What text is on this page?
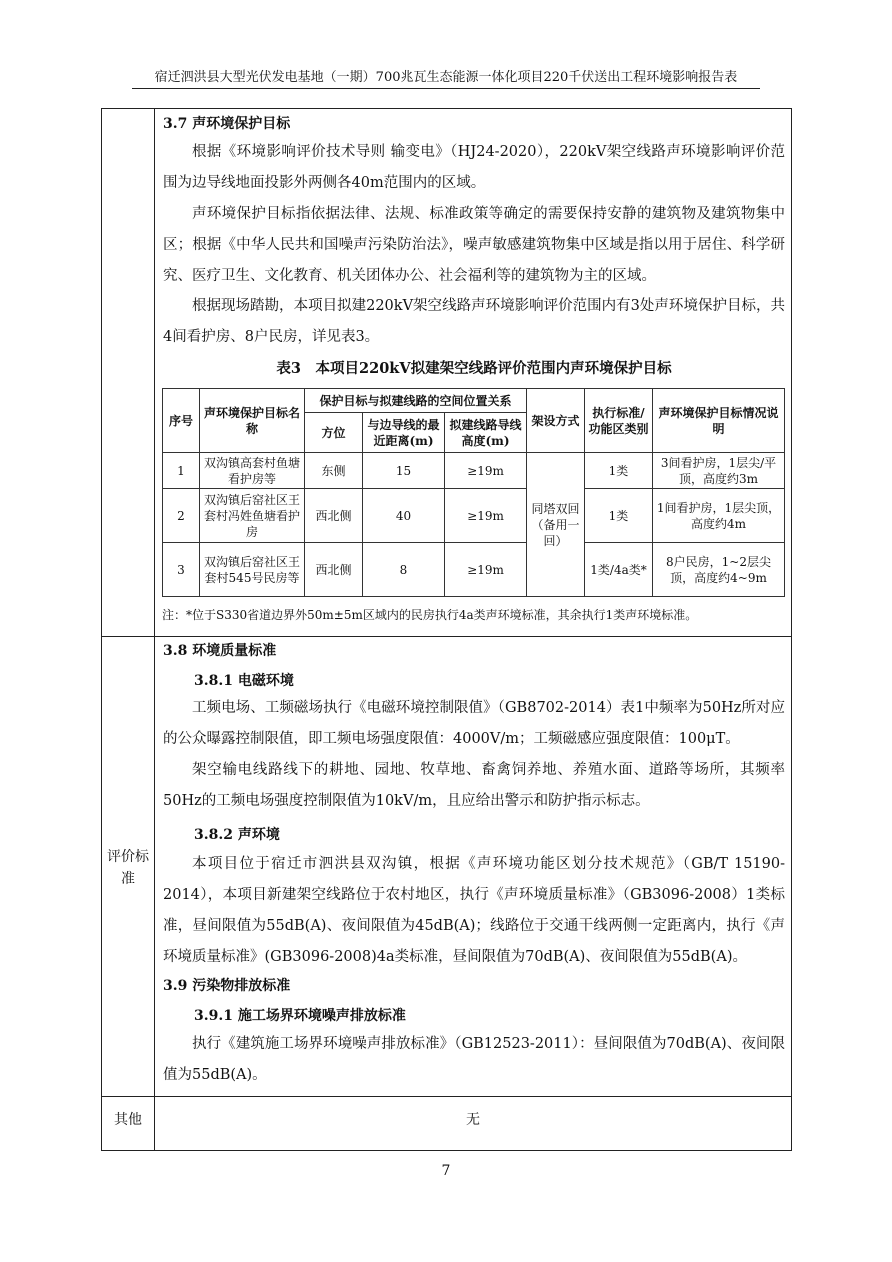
宿迁泗洪县大型光伏发电基地（一期）700兆瓦生态能源一体化项目220千伏送出工程环境影响报告表
评价标准
其他
3.7 声环境保护目标
根据《环境影响评价技术导则 输变电》（HJ24-2020），220kV架空线路声环境影响评价范围为边导线地面投影外两侧各40m范围内的区域。
声环境保护目标指依据法律、法规、标准政策等确定的需要保持安静的建筑物及建筑物集中区；根据《中华人民共和国噪声污染防治法》，噪声敏感建筑物集中区域是指以用于居住、科学研究、医疗卫生、文化教育、机关团体办公、社会福利等的建筑物为主的区域。
根据现场踏勘，本项目拟建220kV架空线路声环境影响评价范围内有3处声环境保护目标，共4间看护房、8户民房，详见表3。
表3　本项目220kV拟建架空线路评价范围内声环境保护目标
序号	声环境保护目标名称	保护目标与拟建线路的空间位置关系			架设方式	执行标准/功能区类别	声环境保护目标情况说明
		方位	与边导线的最近距离(m)	拟建线路导线高度(m)			
1	双沟镇高套村鱼塘看护房等	东侧	15	≥19m	同塔双回（备用一回）	1类	3间看护房，1层尖/平顶，高度约3m
2	双沟镇后窑社区王套村冯姓鱼塘看护房	西北侧	40	≥19m		1类	1间看护房，1层尖顶，高度约4m
3	双沟镇后窑社区王套村545号民房等	西北侧	8	≥19m		1类/4a类*	8户民房，1~2层尖顶，高度约4~9m
注：*位于S330省道边界外50m±5m区域内的民房执行4a类声环境标准，其余执行1类声环境标准。
3.8 环境质量标准
3.8.1 电磁环境
工频电场、工频磁场执行《电磁环境控制限值》（GB8702-2014）表1中频率为50Hz所对应的公众曝露控制限值，即工频电场强度限值：4000V/m；工频磁感应强度限值：100μT。
架空输电线路线下的耕地、园地、牧草地、畜禽饲养地、养殖水面、道路等场所，其频率50Hz的工频电场强度控制限值为10kV/m，且应给出警示和防护指示标志。
3.8.2 声环境
本项目位于宿迁市泗洪县双沟镇，根据《声环境功能区划分技术规范》（GB/T 15190-2014），本项目新建架空线路位于农村地区，执行《声环境质量标准》（GB3096-2008）1类标准，昼间限值为55dB(A)、夜间限值为45dB(A)；线路位于交通干线两侧一定距离内，执行《声环境质量标准》(GB3096-2008)4a类标准，昼间限值为70dB(A)、夜间限值为55dB(A)。
3.9 污染物排放标准
3.9.1 施工场界环境噪声排放标准
执行《建筑施工场界环境噪声排放标准》（GB12523-2011）：昼间限值为70dB(A)、夜间限值为55dB(A)。
无
7
